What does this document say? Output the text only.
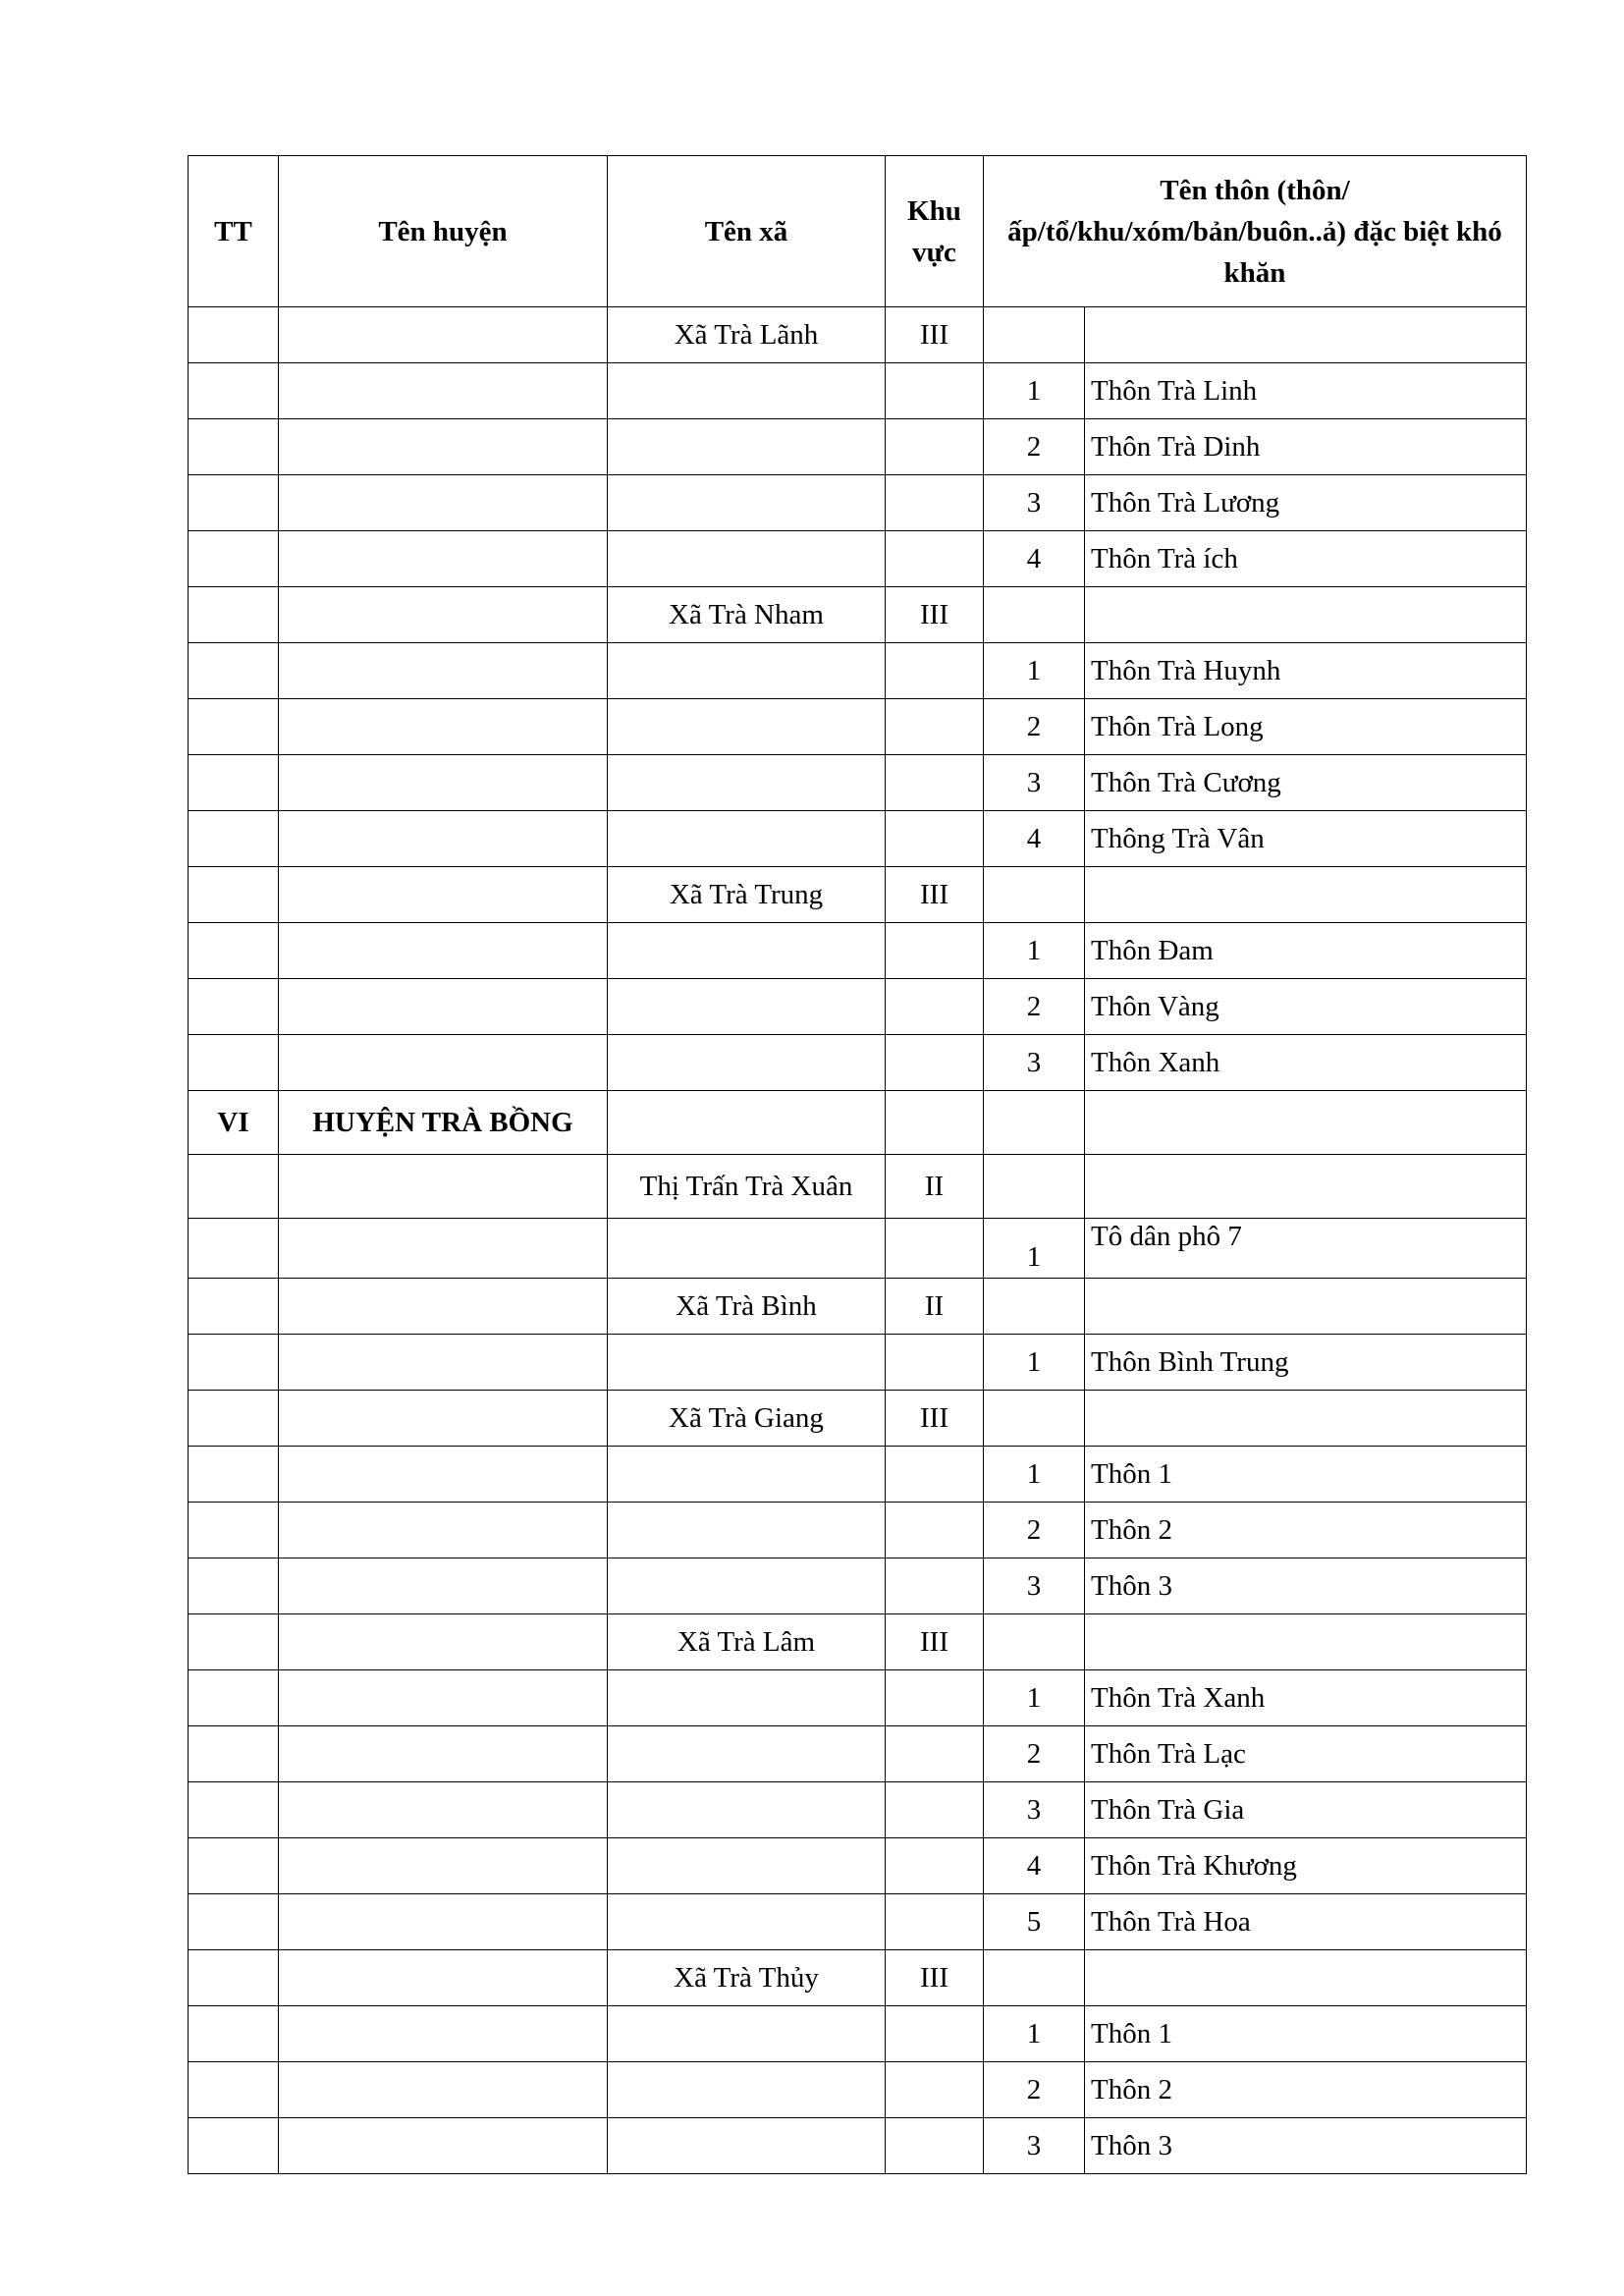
TT	Tên huyện	Tên xã	Khu vực	Tên thôn (thôn/ấp/tổ/khu/xóm/bản/buôn..ả) đặc biệt khó khăn	
		Xã Trà Lãnh	III		
				1	Thôn Trà Linh
				2	Thôn Trà Dinh
				3	Thôn Trà Lương
				4	Thôn Trà ích
		Xã Trà Nham	III		
				1	Thôn Trà Huynh
				2	Thôn Trà Long
				3	Thôn Trà Cương
				4	Thông Trà Vân
		Xã Trà Trung	III		
				1	Thôn Đam
				2	Thôn Vàng
				3	Thôn Xanh
VI	HUYỆN TRÀ BỒNG				
		Thị Trấn Trà Xuân	II		
				1	Tô dân phô 7
		Xã Trà Bình	II		
				1	Thôn Bình Trung
		Xã Trà Giang	III		
				1	Thôn 1
				2	Thôn 2
				3	Thôn 3
		Xã Trà Lâm	III		
				1	Thôn Trà Xanh
				2	Thôn Trà Lạc
				3	Thôn Trà Gia
				4	Thôn Trà Khương
				5	Thôn Trà Hoa
		Xã Trà Thủy	III		
				1	Thôn 1
				2	Thôn 2
				3	Thôn 3
